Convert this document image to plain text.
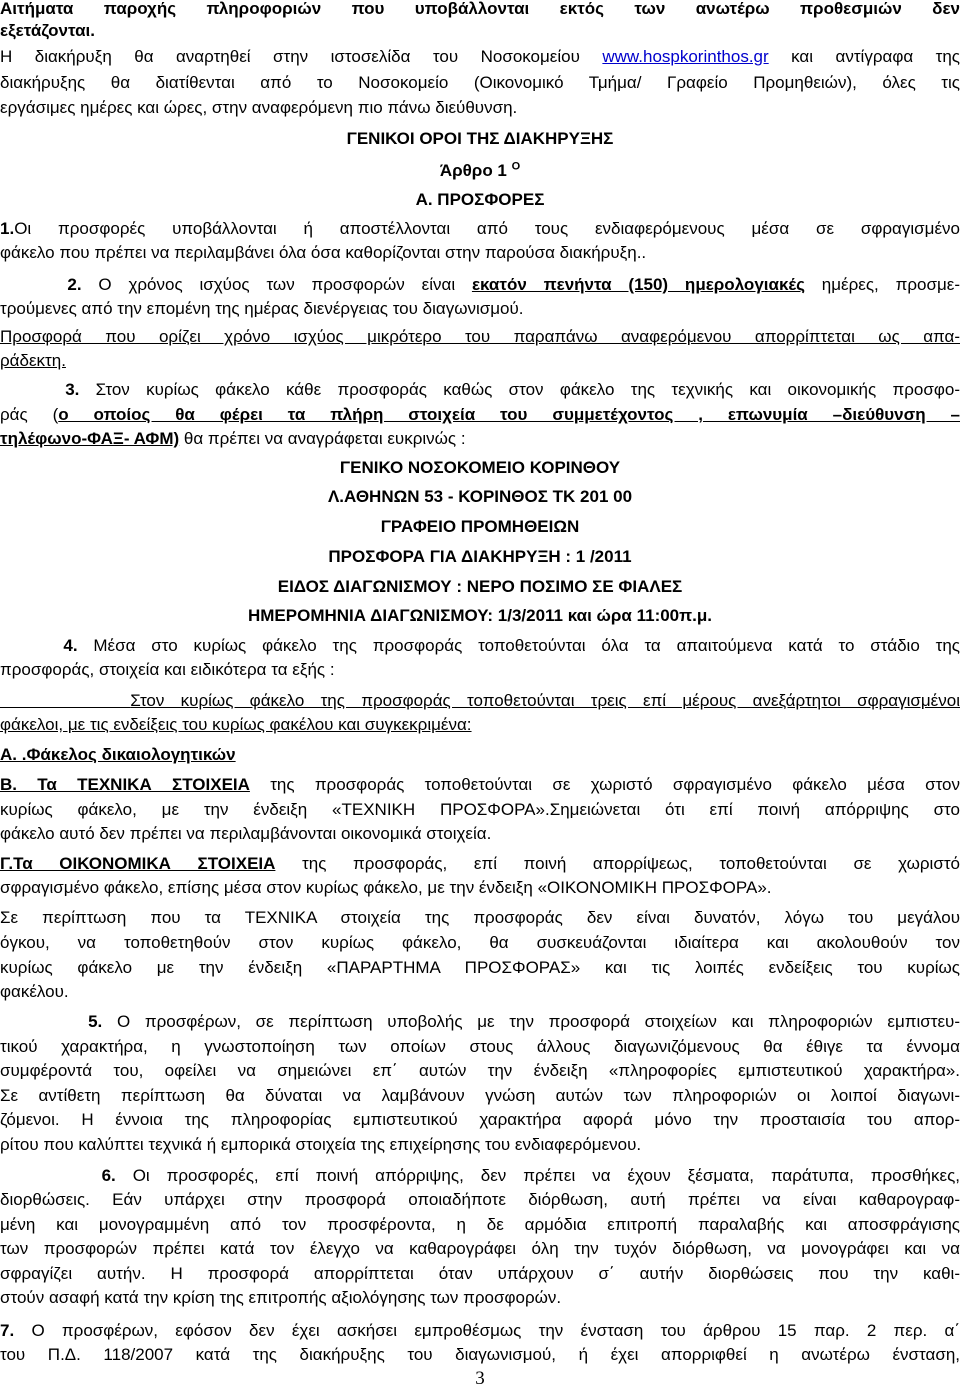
Αιτήματα παροχής πληροφοριών που υποβάλλονται εκτός των ανωτέρω προθεσμιών δεν
εξετάζονται.
Η διακήρυξη θα αναρτηθεί στην ιστοσελίδα του Νοσοκομείου www.hospkorinthos.gr και αντίγραφα της
διακήρυξης θα διατίθενται από το Νοσοκομείο (Οικονομικό Τμήμα/ Γραφείο Προμηθειών), όλες τις
εργάσιμες ημέρες και ώρες, στην αναφερόμενη πιο πάνω διεύθυνση.
ΓΕΝΙΚΟΙ ΟΡΟΙ ΤΗΣ ΔΙΑΚΗΡΥΞΗΣ
Άρθρο 1 $^O$
Α. ΠΡΟΣΦΟΡΕΣ
1.Οι προσφορές υποβάλλονται ή αποστέλλονται από τους ενδιαφερόμενους μέσα σε σφραγισμένο
φάκελο που πρέπει να περιλαμβάνει όλα όσα καθορίζονται στην παρούσα διακήρυξη..
2. Ο χρόνος ισχύος των προσφορών είναι εκατόν πενήντα (150) ημερολογιακές ημέρες, προσμε-
τρούμενες από την επομένη της ημέρας διενέργειας του διαγωνισμού.
Προσφορά που ορίζει χρόνο ισχύος μικρότερο του παραπάνω αναφερόμενου απορρίπτεται ως απα-
ράδεκτη.
3. Στον κυρίως φάκελο κάθε προσφοράς καθώς στον φάκελο της τεχνικής και οικονομικής προσφο-
ράς (ο οποίος θα φέρει τα πλήρη στοιχεία του συμμετέχοντος , επωνυμία –διεύθυνση –
τηλέφωνο-ΦΑΞ- ΑΦΜ) θα πρέπει να αναγράφεται ευκρινώς :
ΓΕΝΙΚΟ ΝΟΣΟΚΟΜΕΙΟ ΚΟΡΙΝΘΟΥ
Λ.ΑΘΗΝΩΝ 53 - ΚΟΡΙΝΘΟΣ ΤΚ 201 00
ΓΡΑΦΕΙΟ ΠΡΟΜΗΘΕΙΩΝ
ΠΡΟΣΦΟΡΑ ΓΙΑ ΔΙΑΚΗΡΥΞΗ : 1 /2011
ΕΙΔΟΣ ΔΙΑΓΩΝΙΣΜΟΥ : ΝΕΡΟ ΠΟΣΙΜΟ ΣΕ ΦΙΑΛΕΣ
ΗΜΕΡΟΜΗΝΙΑ ΔΙΑΓΩΝΙΣΜΟΥ: 1/3/2011 και ώρα 11:00π.μ.
4. Μέσα στο κυρίως φάκελο της προσφοράς τοποθετούνται όλα τα απαιτούμενα κατά το στάδιο της
προσφοράς, στοιχεία και ειδικότερα τα εξής :
Στον κυρίως φάκελο της προσφοράς τοποθετούνται τρεις επί μέρους ανεξάρτητοι σφραγισμένοι
φάκελοι, με τις ενδείξεις του κυρίως φακέλου και συγκεκριμένα:
Α. .Φάκελος δικαιολογητικών
Β. Τα ΤΕΧΝΙΚΑ ΣΤΟΙΧΕΙΑ της προσφοράς τοποθετούνται σε χωριστό σφραγισμένο φάκελο μέσα στον
κυρίως φάκελο, με την ένδειξη «ΤΕΧΝΙΚΗ ΠΡΟΣΦΟΡΑ».Σημειώνεται ότι επί ποινή απόρριψης στο
φάκελο αυτό δεν πρέπει να περιλαμβάνονται οικονομικά στοιχεία.
Γ.Τα ΟΙΚΟΝΟΜΙΚΑ ΣΤΟΙΧΕΙΑ της προσφοράς, επί ποινή απορρίψεως, τοποθετούνται σε χωριστό
σφραγισμένο φάκελο, επίσης μέσα στον κυρίως φάκελο, με την ένδειξη «ΟΙΚΟΝΟΜΙΚΗ ΠΡΟΣΦΟΡΑ».
Σε περίπτωση που τα ΤΕΧΝΙΚΑ στοιχεία της προσφοράς δεν είναι δυνατόν, λόγω του μεγάλου
όγκου, να τοποθετηθούν στον κυρίως φάκελο, θα συσκευάζονται ιδιαίτερα και ακολουθούν τον
κυρίως φάκελο με την ένδειξη «ΠΑΡΑΡΤΗΜΑ ΠΡΟΣΦΟΡΑΣ» και τις λοιπές ενδείξεις του κυρίως
φακέλου.
5. Ο προσφέρων, σε περίπτωση υποβολής με την προσφορά στοιχείων και πληροφοριών εμπιστευ-
τικού χαρακτήρα, η γνωστοποίηση των οποίων στους άλλους διαγωνιζόμενους θα έθιγε τα έννομα
συμφέροντά του, οφείλει να σημειώνει επ΄ αυτών την ένδειξη «πληροφορίες εμπιστευτικού χαρακτήρα».
Σε αντίθετη περίπτωση θα δύναται να λαμβάνουν γνώση αυτών των πληροφοριών οι λοιποί διαγωνι-
ζόμενοι. Η έννοια της πληροφορίας εμπιστευτικού χαρακτήρα αφορά μόνο την προσταισία του απορ-
ρίτου που καλύπτει τεχνικά ή εμπορικά στοιχεία της επιχείρησης του ενδιαφερόμενου.
6. Οι προσφορές, επί ποινή απόρριψης, δεν πρέπει να έχουν ξέσματα, παράτυπα, προσθήκες,
διορθώσεις. Εάν υπάρχει στην προσφορά οποιαδήποτε διόρθωση, αυτή πρέπει να είναι καθαρογραφ-
μένη και μονογραμμένη από τον προσφέροντα, η δε αρμόδια επιτροπή παραλαβής και αποσφράγισης
των προσφορών πρέπει κατά τον έλεγχο να καθαρογράφει όλη την τυχόν διόρθωση, να μονογράφει και να
σφραγίζει αυτήν. Η προσφορά απορρίπτεται όταν υπάρχουν σ΄ αυτήν διορθώσεις που την καθι-
στούν ασαφή κατά την κρίση της επιτροπής αξιολόγησης των προσφορών.
7. Ο προσφέρων, εφόσον δεν έχει ασκήσει εμπροθέσμως την ένσταση του άρθρου 15 παρ. 2 περ. α΄
του Π.Δ. 118/2007 κατά της διακήρυξης του διαγωνισμού, ή έχει απορριφθεί η ανωτέρω ένσταση,
3
